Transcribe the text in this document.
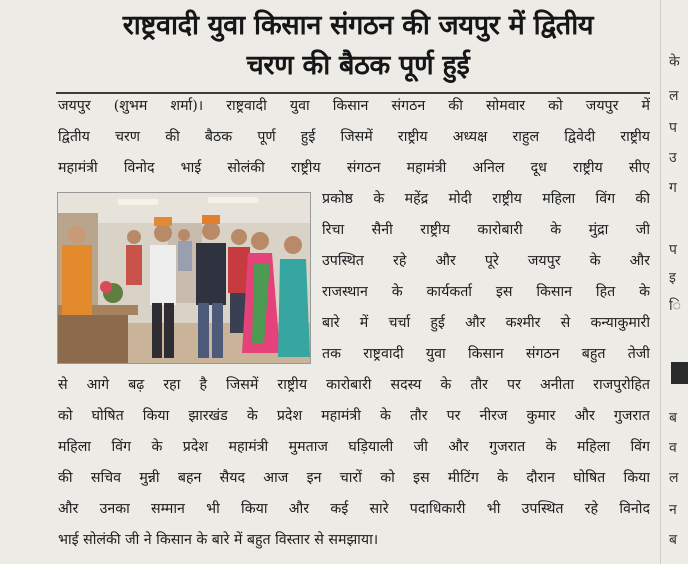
राष्ट्रवादी युवा किसान संगठन की जयपुर में द्वितीय
चरण की बैठक पूर्ण हुई
जयपुर (शुभम शर्मा)। राष्ट्रवादी युवा किसान संगठन की सोमवार को जयपुर में
द्वितीय चरण की बैठक पूर्ण हुई जिसमें राष्ट्रीय अध्यक्ष राहुल द्विवेदी राष्ट्रीय
महामंत्री विनोद भाई सोलंकी राष्ट्रीय संगठन महामंत्री अनिल दूध राष्ट्रीय सीए
प्रकोष्ठ के महेंद्र मोदी राष्ट्रीय महिला विंग की
रिचा सैनी राष्ट्रीय कारोबारी के मुंद्रा जी
उपस्थित रहे और पूरे जयपुर के और
राजस्थान के कार्यकर्ता इस किसान हित के
बारे में चर्चा हुई और कश्मीर से कन्याकुमारी
तक राष्ट्रवादी युवा किसान संगठन बहुत तेजी
से आगे बढ़ रहा है जिसमें राष्ट्रीय कारोबारी सदस्य के तौर पर अनीता राजपुरोहित
को घोषित किया झारखंड के प्रदेश महामंत्री के तौर पर नीरज कुमार और गुजरात
महिला विंग के प्रदेश महामंत्री मुमताज घड़ियाली जी और गुजरात के महिला विंग
की सचिव मुन्नी बहन सैयद आज इन चारों को इस मीटिंग के दौरान घोषित किया
और उनका सम्मान भी किया और कई सारे पदाधिकारी भी उपस्थित रहे विनोद
भाई सोलंकी जी ने किसान के बारे में बहुत विस्तार से समझाया।
के
ल
प
उ
ग
प
इ
ि
ब
व
ल
न
ब
